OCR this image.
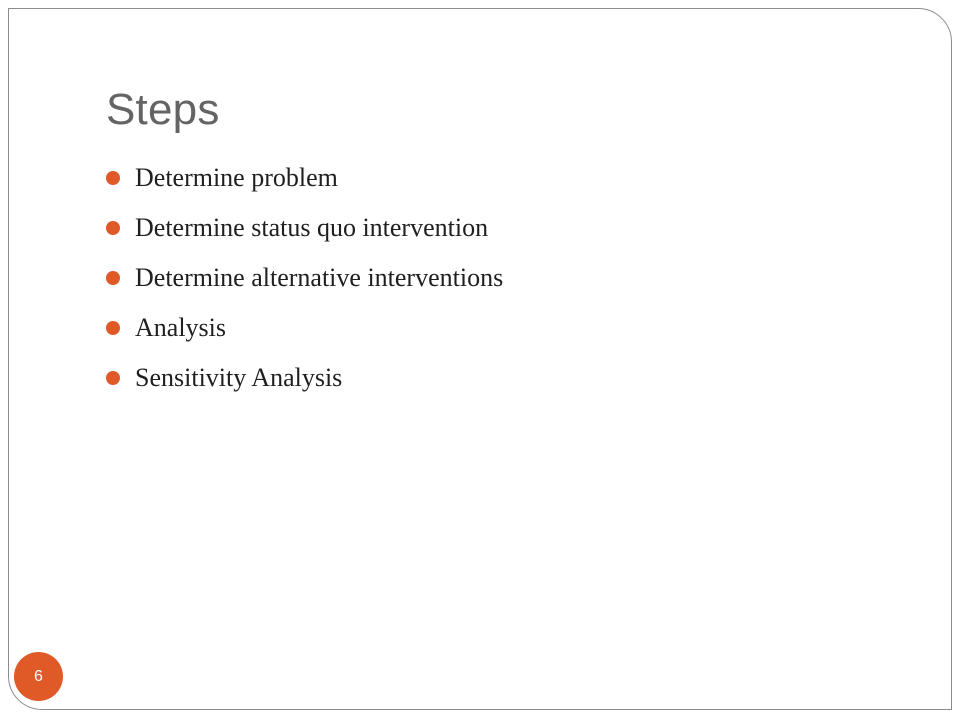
Steps
Determine problem
Determine status quo intervention
Determine alternative interventions
Analysis
Sensitivity Analysis
6
